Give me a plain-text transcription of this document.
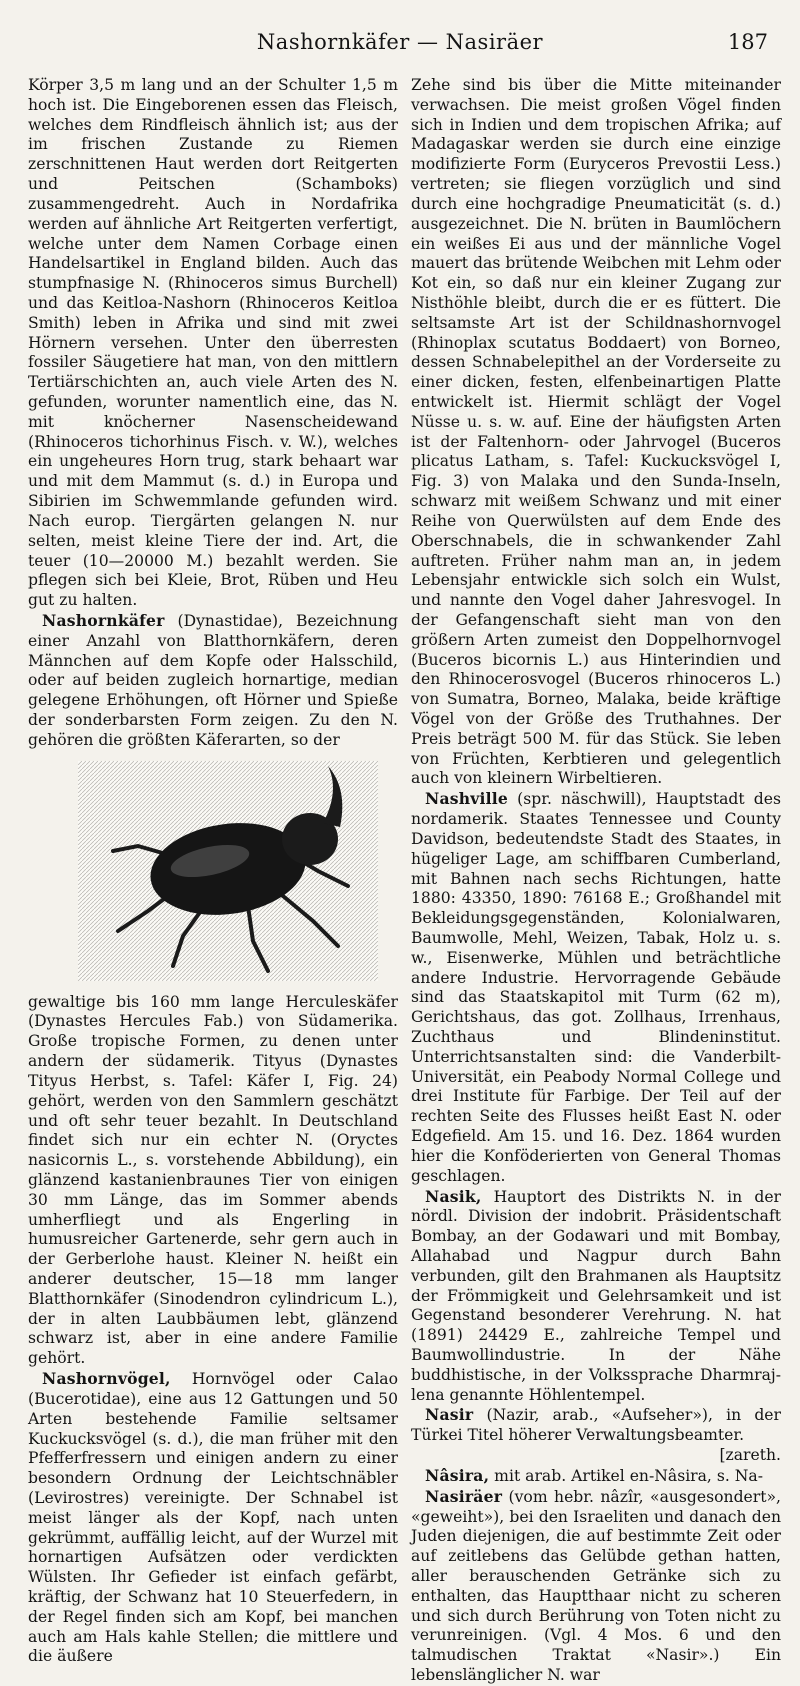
Nashornkäfer — Nasiräer	187

Körper 3,5 m lang und an der Schulter 1,5 m hoch ist. Die Eingeborenen essen das Fleisch, welches dem Rindfleisch ähnlich ist; aus der im frischen Zustande zu Riemen zerschnittenen Haut werden dort Reitgerten und Peitschen (Schamboks) zusammengedreht. Auch in Nordafrika werden auf ähnliche Art Reitgerten verfertigt, welche unter dem Namen Corbage einen Handelsartikel in England bilden. Auch das stumpfnasige N. (Rhinoceros simus Burchell) und das Keitloa-Nashorn (Rhinoceros Keitloa Smith) leben in Afrika und sind mit zwei Hörnern versehen. Unter den überresten fossiler Säugetiere hat man, von den mittlern Tertiärschichten an, auch viele Arten des N. gefunden, worunter namentlich eine, das N. mit knöcherner Nasenscheidewand (Rhinoceros tichorhinus Fisch. v. W.), welches ein ungeheures Horn trug, stark behaart war und mit dem Mammut (s. d.) in Europa und Sibirien im Schwemmlande gefunden wird. Nach europ. Tiergärten gelangen N. nur selten, meist kleine Tiere der ind. Art, die teuer (10—20000 M.) bezahlt werden. Sie pflegen sich bei Kleie, Brot, Rüben und Heu gut zu halten.

Nashornkäfer (Dynastidae), Bezeichnung einer Anzahl von Blatthornkäfern, deren Männchen auf dem Kopfe oder Halsschild, oder auf beiden zugleich hornartige, median gelegene Erhöhungen, oft Hörner und Spieße der sonderbarsten Form zeigen. Zu den N. gehören die größten Käferarten, so der

gewaltige bis 160 mm lange Herculeskäfer (Dynastes Hercules Fab.) von Südamerika. Große tropische Formen, zu denen unter andern der südamerik. Tityus (Dynastes Tityus Herbst, s. Tafel: Käfer I, Fig. 24) gehört, werden von den Sammlern geschätzt und oft sehr teuer bezahlt. In Deutschland findet sich nur ein echter N. (Oryctes nasicornis L., s. vorstehende Abbildung), ein glänzend kastanienbraunes Tier von einigen 30 mm Länge, das im Sommer abends umherfliegt und als Engerling in humusreicher Gartenerde, sehr gern auch in der Gerberlohe haust. Kleiner N. heißt ein anderer deutscher, 15—18 mm langer Blatthornkäfer (Sinodendron cylindricum L.), der in alten Laubbäumen lebt, glänzend schwarz ist, aber in eine andere Familie gehört.

Nashornvögel, Hornvögel oder Calao (Bucerotidae), eine aus 12 Gattungen und 50 Arten bestehende Familie seltsamer Kuckucksvögel (s. d.), die man früher mit den Pfefferfressern und einigen andern zu einer besondern Ordnung der Leichtschnäbler (Levirostres) vereinigte. Der Schnabel ist meist länger als der Kopf, nach unten gekrümmt, auffällig leicht, auf der Wurzel mit hornartigen Aufsätzen oder verdickten Wülsten. Ihr Gefieder ist einfach gefärbt, kräftig, der Schwanz hat 10 Steuerfedern, in der Regel finden sich am Kopf, bei manchen auch am Hals kahle Stellen; die mittlere und die äußere

Zehe sind bis über die Mitte miteinander verwachsen. Die meist großen Vögel finden sich in Indien und dem tropischen Afrika; auf Madagaskar werden sie durch eine einzige modifizierte Form (Euryceros Prevostii Less.) vertreten; sie fliegen vorzüglich und sind durch eine hochgradige Pneumaticität (s. d.) ausgezeichnet. Die N. brüten in Baumlöchern ein weißes Ei aus und der männliche Vogel mauert das brütende Weibchen mit Lehm oder Kot ein, so daß nur ein kleiner Zugang zur Nisthöhle bleibt, durch die er es füttert. Die seltsamste Art ist der Schildnashornvogel (Rhinoplax scutatus Boddaert) von Borneo, dessen Schnabelepithel an der Vorderseite zu einer dicken, festen, elfenbeinartigen Platte entwickelt ist. Hiermit schlägt der Vogel Nüsse u. s. w. auf. Eine der häufigsten Arten ist der Faltenhorn- oder Jahrvogel (Buceros plicatus Latham, s. Tafel: Kuckucksvögel I, Fig. 3) von Malaka und den Sunda-Inseln, schwarz mit weißem Schwanz und mit einer Reihe von Querwülsten auf dem Ende des Oberschnabels, die in schwankender Zahl auftreten. Früher nahm man an, in jedem Lebensjahr entwickle sich solch ein Wulst, und nannte den Vogel daher Jahresvogel. In der Gefangenschaft sieht man von den größern Arten zumeist den Doppelhornvogel (Buceros bicornis L.) aus Hinterindien und den Rhinocerosvogel (Buceros rhinoceros L.) von Sumatra, Borneo, Malaka, beide kräftige Vögel von der Größe des Truthahnes. Der Preis beträgt 500 M. für das Stück. Sie leben von Früchten, Kerbtieren und gelegentlich auch von kleinern Wirbeltieren.

Nashville (spr. näschwill), Hauptstadt des nordamerik. Staates Tennessee und County Davidson, bedeutendste Stadt des Staates, in hügeliger Lage, am schiffbaren Cumberland, mit Bahnen nach sechs Richtungen, hatte 1880: 43350, 1890: 76168 E.; Großhandel mit Bekleidungsgegenständen, Kolonialwaren, Baumwolle, Mehl, Weizen, Tabak, Holz u. s. w., Eisenwerke, Mühlen und beträchtliche andere Industrie. Hervorragende Gebäude sind das Staatskapitol mit Turm (62 m), Gerichtshaus, das got. Zollhaus, Irrenhaus, Zuchthaus und Blindeninstitut. Unterrichtsanstalten sind: die Vanderbilt-Universität, ein Peabody Normal College und drei Institute für Farbige. Der Teil auf der rechten Seite des Flusses heißt East N. oder Edgefield. Am 15. und 16. Dez. 1864 wurden hier die Konföderierten von General Thomas geschlagen.

Nasik, Hauptort des Distrikts N. in der nördl. Division der indobrit. Präsidentschaft Bombay, an der Godawari und mit Bombay, Allahabad und Nagpur durch Bahn verbunden, gilt den Brahmanen als Hauptsitz der Frömmigkeit und Gelehrsamkeit und ist Gegenstand besonderer Verehrung. N. hat (1891) 24429 E., zahlreiche Tempel und Baumwollindustrie. In der Nähe buddhistische, in der Volkssprache Dharmraj-lena genannte Höhlentempel.

Nasir (Nazir, arab., «Aufseher»), in der Türkei Titel höherer Verwaltungsbeamter.

[zareth.

Nâsira, mit arab. Artikel en-Nâsira, s. Na-

Nasiräer (vom hebr. nâzîr, «ausgesondert», «geweiht»), bei den Israeliten und danach den Juden diejenigen, die auf bestimmte Zeit oder auf zeitlebens das Gelübde gethan hatten, aller berauschenden Getränke sich zu enthalten, das Hauptthaar nicht zu scheren und sich durch Berührung von Toten nicht zu verunreinigen. (Vgl. 4 Mos. 6 und den talmudischen Traktat «Nasir».) Ein lebenslänglicher N. war
